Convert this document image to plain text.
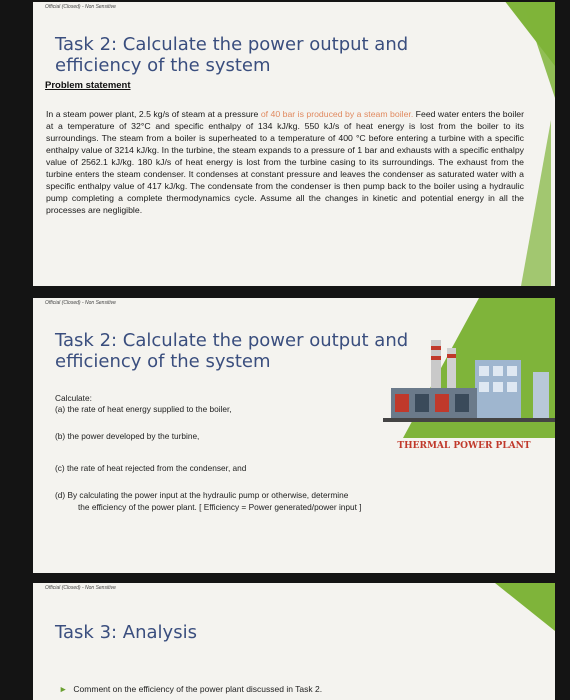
Official (Closed) - Non Sensitive
Task 2: Calculate the power output and
efficiency of the system
Problem statement

In a steam power plant, 2.5 kg/s of steam at a pressure of 40 bar is produced by a steam boiler. Feed water enters the boiler at a temperature of 32°C and specific enthalpy of 134 kJ/kg. 550 kJ/s of heat energy is lost from the boiler to its surroundings. The steam from a boiler is superheated to a temperature of 400 °C before entering a turbine with a specific enthalpy value of 3214 kJ/kg. In the turbine, the steam expands to a pressure of 1 bar and exhausts with a specific enthalpy value of 2562.1 kJ/kg. 180 kJ/s of heat energy is lost from the turbine casing to its surroundings. The exhaust from the turbine enters the steam condenser. It condenses at constant pressure and leaves the condenser as saturated water with a specific enthalpy value of 417 kJ/kg. The condensate from the condenser is then pump back to the boiler using a hydraulic pump completing a complete thermodynamics cycle. Assume all the changes in kinetic and potential energy in all the processes are negligible.

Official (Closed) - Non Sensitive
Task 2: Calculate the power output and
efficiency of the system
THERMAL POWER PLANT

Calculate:

(a) the rate of heat energy supplied to the boiler,

(b) the power developed by the turbine,

(c) the rate of heat rejected from the condenser, and

(d) By calculating the power input at the hydraulic pump or otherwise, determine

the efficiency of the power plant. [ Efficiency = Power generated/power input ]

Official (Closed) - Non Sensitive
Task 3: Analysis
► Comment on the efficiency of the power plant discussed in Task 2.
